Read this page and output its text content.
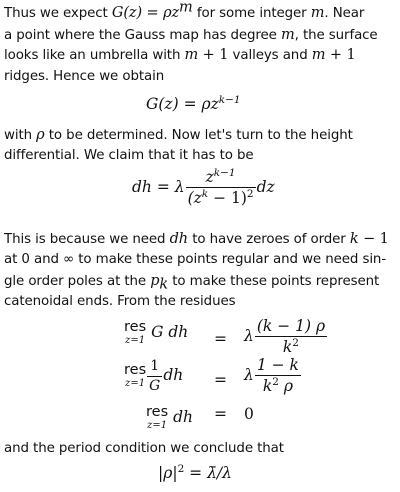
Thus we expect $G(z) = \rho z^m$ for some integer m. Near
a point where the Gauss map has degree m, the surface
looks like an umbrella with m + 1 valleys and m + 1
ridges. Hence we obtain
$G(z) = \rho z^{k-1}$
with ρ to be determined. Now let's turn to the height
differential. We claim that it has to be
dh = λ $\frac{z^{k-1}}{(z^k - 1)^2}$ dz
This is because we need dh to have zeroes of order k − 1
at 0 and ∞ to make these points regular and we need sin-
gle order poles at the $p_k$ to make these points represent
catenoidal ends. From the residues
res
z=1 G dh = λ $\frac{(k - 1) \rho}{k^2}$
res
$z=1 \frac{1}{G}$ dh = λ $\frac{1 - k}{k^2 \rho}$
res
z=1 dh = 0
and the period condition we conclude that
$|\rho|^2$ = λ̄/λ
